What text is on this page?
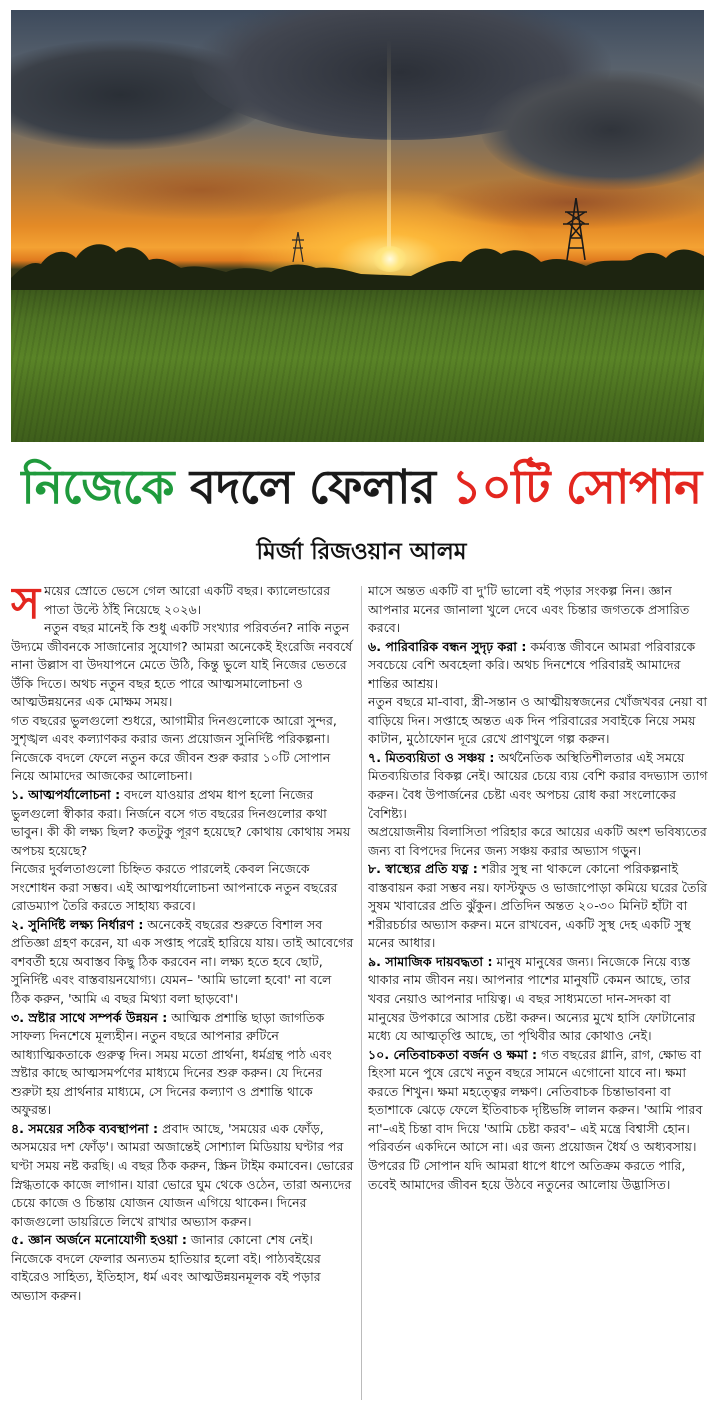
নিজেকে বদলে ফেলার ১০টি সোপান
মির্জা রিজওয়ান আলম

সময়ের স্রোতে ভেসে গেল আরো একটি বছর। ক্যালেন্ডারের পাতা উল্টে ঠাঁই নিয়েছে ২০২৬।

নতুন বছর মানেই কি শুধু একটি সংখ্যার পরিবর্তন? নাকি নতুন উদ্যমে জীবনকে সাজানোর সুযোগ? আমরা অনেকেই ইংরেজি নববর্ষে নানা উল্লাস বা উদযাপনে মেতে উঠি, কিন্তু ভুলে যাই নিজের ভেতরে উঁকি দিতে। অথচ নতুন বছর হতে পারে আত্মসমালোচনা ও আত্মউন্নয়নের এক মোক্ষম সময়।

গত বছরের ভুলগুলো শুধরে, আগামীর দিনগুলোকে আরো সুন্দর, সুশৃঙ্খল এবং কল্যাণকর করার জন্য প্রয়োজন সুনির্দিষ্ট পরিকল্পনা। নিজেকে বদলে ফেলে নতুন করে জীবন শুরু করার ১০টি সোপান নিয়ে আমাদের আজকের আলোচনা।

১. আত্মপর্যালোচনা : বদলে যাওয়ার প্রথম ধাপ হলো নিজের ভুলগুলো স্বীকার করা। নির্জনে বসে গত বছরের দিনগুলোর কথা ভাবুন। কী কী লক্ষ্য ছিল? কতটুকু পূরণ হয়েছে? কোথায় কোথায় সময় অপচয় হয়েছে?

নিজের দুর্বলতাগুলো চিহ্নিত করতে পারলেই কেবল নিজেকে সংশোধন করা সম্ভব। এই আত্মপর্যালোচনা আপনাকে নতুন বছরের রোডম্যাপ তৈরি করতে সাহায্য করবে।

২. সুনির্দিষ্ট লক্ষ্য নির্ধারণ : অনেকেই বছরের শুরুতে বিশাল সব প্রতিজ্ঞা গ্রহণ করেন, যা এক সপ্তাহ পরেই হারিয়ে যায়। তাই আবেগের বশবর্তী হয়ে অবাস্তব কিছু ঠিক করবেন না। লক্ষ্য হতে হবে ছোট, সুনির্দিষ্ট এবং বাস্তবায়নযোগ্য। যেমন– 'আমি ভালো হবো' না বলে ঠিক করুন, 'আমি এ বছর মিথ্যা বলা ছাড়বো'।

৩. স্রষ্টার সাথে সম্পর্ক উন্নয়ন : আত্মিক প্রশান্তি ছাড়া জাগতিক সাফল্য দিনশেষে মূল্যহীন। নতুন বছরে আপনার রুটিনে আধ্যাত্মিকতাকে গুরুত্ব দিন। সময় মতো প্রার্থনা, ধর্মগ্রন্থ পাঠ এবং স্রষ্টার কাছে আত্মসমর্পণের মাধ্যমে দিনের শুরু করুন। যে দিনের শুরুটা হয় প্রার্থনার মাধ্যমে, সে দিনের কল্যাণ ও প্রশান্তি থাকে অফুরন্ত।

৪. সময়ের সঠিক ব্যবস্থাপনা : প্রবাদ আছে, 'সময়ের এক ফোঁড়, অসময়ের দশ ফোঁড়'। আমরা অজান্তেই সোশ্যাল মিডিয়ায় ঘণ্টার পর ঘণ্টা সময় নষ্ট করছি। এ বছর ঠিক করুন, স্ক্রিন টাইম কমাবেন। ভোরের স্নিগ্ধতাকে কাজে লাগান। যারা ভোরে ঘুম থেকে ওঠেন, তারা অন্যদের চেয়ে কাজে ও চিন্তায় যোজন যোজন এগিয়ে থাকেন। দিনের কাজগুলো ডায়রিতে লিখে রাখার অভ্যাস করুন।

৫. জ্ঞান অর্জনে মনোযোগী হওয়া : জানার কোনো শেষ নেই। নিজেকে বদলে ফেলার অন্যতম হাতিয়ার হলো বই। পাঠ্যবইয়ের বাইরেও সাহিত্য, ইতিহাস, ধর্ম এবং আত্মউন্নয়নমূলক বই পড়ার অভ্যাস করুন।

মাসে অন্তত একটি বা দু'টি ভালো বই পড়ার সংকল্প নিন। জ্ঞান আপনার মনের জানালা খুলে দেবে এবং চিন্তার জগতকে প্রসারিত করবে।

৬. পারিবারিক বন্ধন সুদৃঢ় করা : কর্মব্যস্ত জীবনে আমরা পরিবারকে সবচেয়ে বেশি অবহেলা করি। অথচ দিনশেষে পরিবারই আমাদের শান্তির আশ্রয়।

নতুন বছরে মা-বাবা, স্ত্রী-সন্তান ও আত্মীয়স্বজনের খোঁজখবর নেয়া বা বাড়িয়ে দিন। সপ্তাহে অন্তত এক দিন পরিবারের সবাইকে নিয়ে সময় কাটান, মুঠোফোন দূরে রেখে প্রাণখুলে গল্প করুন।

৭. মিতব্যয়িতা ও সঞ্চয় : অর্থনৈতিক অস্থিতিশীলতার এই সময়ে মিতব্যয়িতার বিকল্প নেই। আয়ের চেয়ে ব্যয় বেশি করার বদভ্যাস ত্যাগ করুন। বৈধ উপার্জনের চেষ্টা এবং অপচয় রোধ করা সংলোকের বৈশিষ্ট্য।

অপ্রয়োজনীয় বিলাসিতা পরিহার করে আয়ের একটি অংশ ভবিষ্যতের জন্য বা বিপদের দিনের জন্য সঞ্চয় করার অভ্যাস গড়ুন।

৮. স্বাস্থ্যের প্রতি যত্ন : শরীর সুস্থ না থাকলে কোনো পরিকল্পনাই বাস্তবায়ন করা সম্ভব নয়। ফাস্টফুড ও ভাজাপোড়া কমিয়ে ঘরের তৈরি সুষম খাবারের প্রতি ঝুঁকুন। প্রতিদিন অন্তত ২০-৩০ মিনিট হাঁটা বা শরীরচর্চার অভ্যাস করুন। মনে রাখবেন, একটি সুস্থ দেহ একটি সুস্থ মনের আধার।

৯. সামাজিক দায়বদ্ধতা : মানুষ মানুষের জন্য। নিজেকে নিয়ে ব্যস্ত থাকার নাম জীবন নয়। আপনার পাশের মানুষটি কেমন আছে, তার খবর নেয়াও আপনার দায়িত্ব। এ বছর সাধ্যমতো দান-সদকা বা মানুষের উপকারে আসার চেষ্টা করুন। অন্যের মুখে হাসি ফোটানোর মধ্যে যে আত্মতৃপ্তি আছে, তা পৃথিবীর আর কোথাও নেই।

১০. নেতিবাচকতা বর্জন ও ক্ষমা : গত বছরের গ্লানি, রাগ, ক্ষোভ বা হিংসা মনে পুষে রেখে নতুন বছরে সামনে এগোনো যাবে না। ক্ষমা করতে শিখুন। ক্ষমা মহত্ত্বের লক্ষণ। নেতিবাচক চিন্তাভাবনা বা হতাশাকে ঝেড়ে ফেলে ইতিবাচক দৃষ্টিভঙ্গি লালন করুন। 'আমি পারব না'–এই চিন্তা বাদ দিয়ে 'আমি চেষ্টা করব'– এই মন্ত্রে বিশ্বাসী হোন। পরিবর্তন একদিনে আসে না। এর জন্য প্রয়োজন ধৈর্য ও অধ্যবসায়। উপরের টি সোপান যদি আমরা ধাপে ধাপে অতিক্রম করতে পারি, তবেই আমাদের জীবন হয়ে উঠবে নতুনের আলোয় উদ্ভাসিত।
